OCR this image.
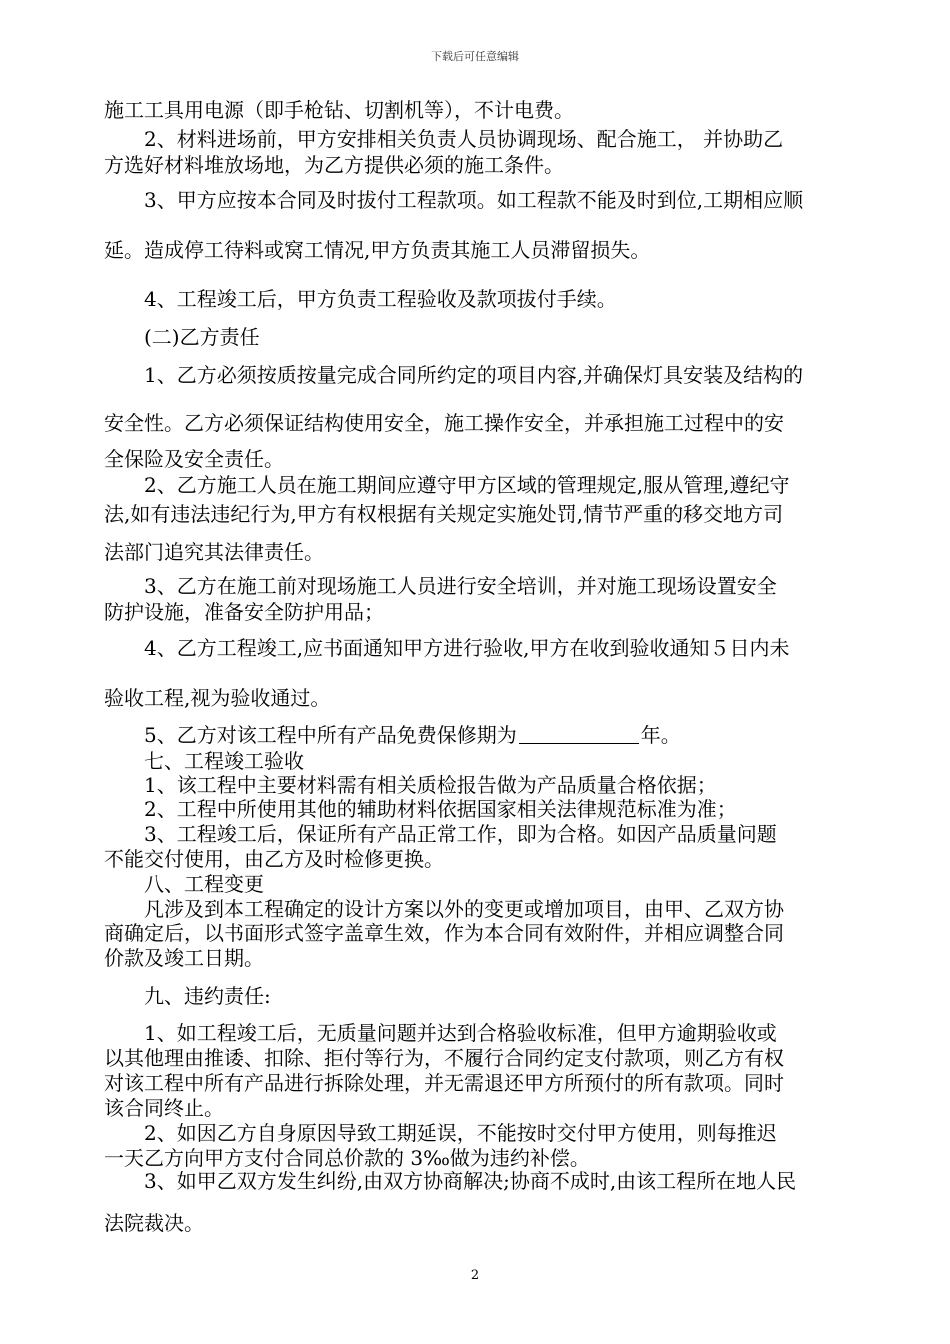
下载后可任意编辑
施工工具用电源（即手枪钻、切割机等），不计电费。
　　2、材料进场前，甲方安排相关负责人员协调现场、配合施工， 并协助乙
方选好材料堆放场地，为乙方提供必须的施工条件。
　　3、甲方应按本合同及时拔付工程款项。如工程款不能及时到位,工期相应顺
延。造成停工待料或窝工情况,甲方负责其施工人员滞留损失。
　　4、工程竣工后，甲方负责工程验收及款项拔付手续。
　　(二)乙方责任
　　1、乙方必须按质按量完成合同所约定的项目内容,并确保灯具安装及结构的
安全性。乙方必须保证结构使用安全，施工操作安全，并承担施工过程中的安
全保险及安全责任。
　　2、乙方施工人员在施工期间应遵守甲方区域的管理规定,服从管理,遵纪守
法,如有违法违纪行为,甲方有权根据有关规定实施处罚,情节严重的移交地方司
法部门追究其法律责任。
　　3、乙方在施工前对现场施工人员进行安全培训，并对施工现场设置安全
防护设施，准备安全防护用品；
　　4、乙方工程竣工,应书面通知甲方进行验收,甲方在收到验收通知５日内未
验收工程,视为验收通过。
　　5、乙方对该工程中所有产品免费保修期为	年。
　　七、工程竣工验收
　　1、该工程中主要材料需有相关质检报告做为产品质量合格依据；
　　2、工程中所使用其他的辅助材料依据国家相关法律规范标准为准；
　　3、工程竣工后，保证所有产品正常工作，即为合格。如因产品质量问题
不能交付使用，由乙方及时检修更换。
　　八、工程变更
　　凡涉及到本工程确定的设计方案以外的变更或增加项目，由甲、乙双方协
商确定后，以书面形式签字盖章生效，作为本合同有效附件，并相应调整合同
价款及竣工日期。
　　九、违约责任:
　　1、如工程竣工后，无质量问题并达到合格验收标准，但甲方逾期验收或
以其他理由推诿、扣除、拒付等行为，不履行合同约定支付款项，则乙方有权
对该工程中所有产品进行拆除处理，并无需退还甲方所预付的所有款项。同时
该合同终止。
　　2、如因乙方自身原因导致工期延误，不能按时交付甲方使用，则每推迟
一天乙方向甲方支付合同总价款的 3‰做为违约补偿。
　　3、如甲乙双方发生纠纷,由双方协商解决;协商不成时,由该工程所在地人民
法院裁决。
2
